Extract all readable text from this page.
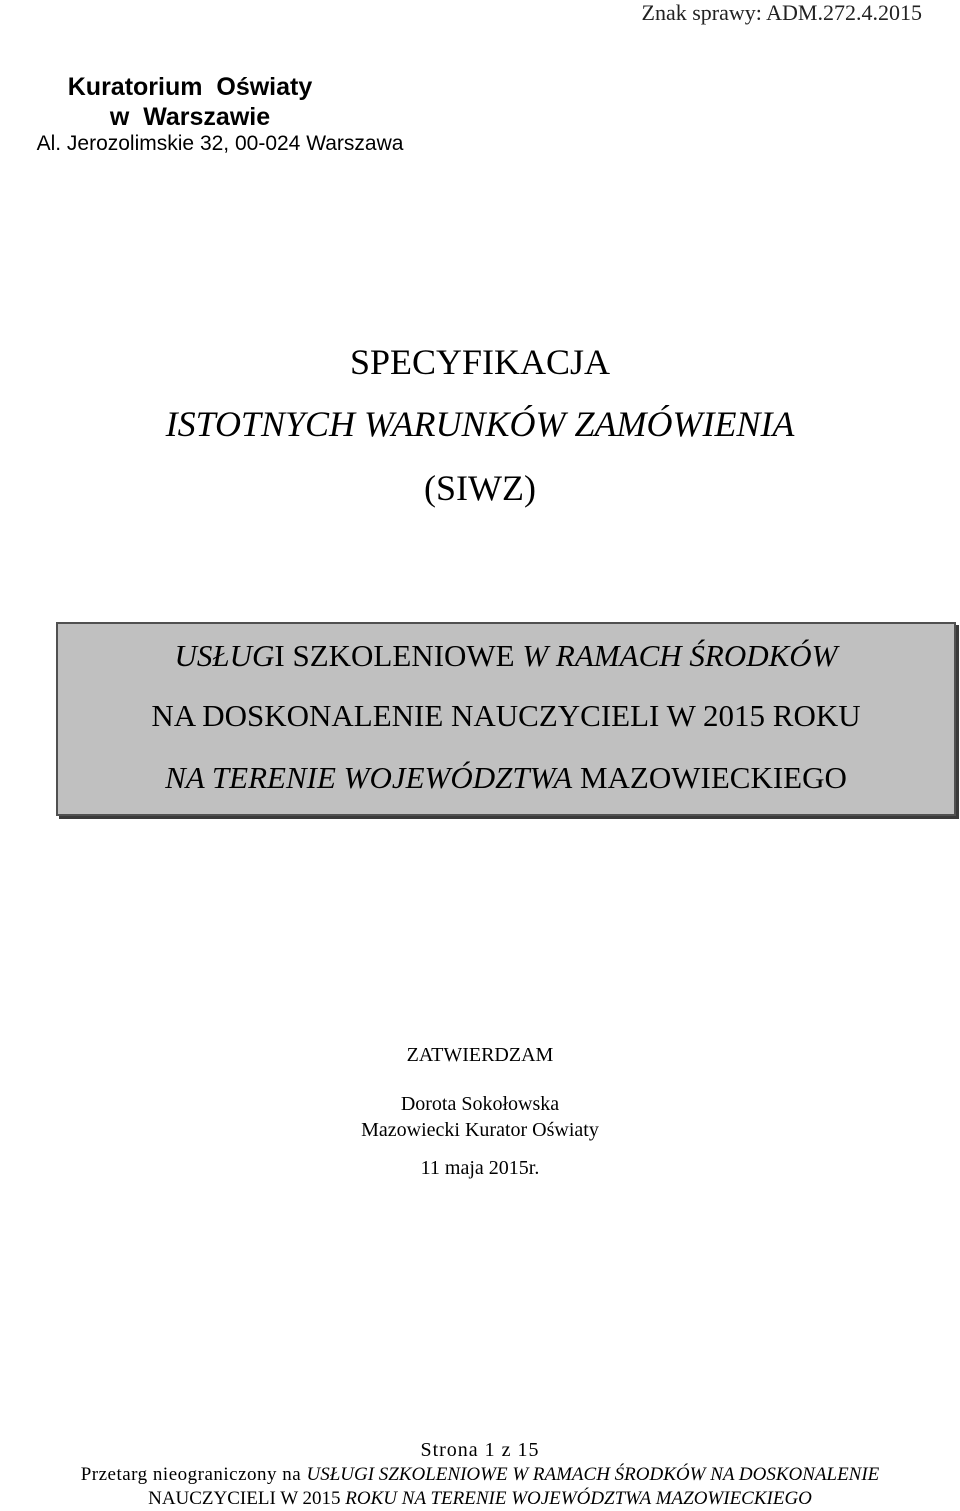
Znak sprawy: ADM.272.4.2015
Kuratorium  Oświaty
w  Warszawie
Al. Jerozolimskie 32, 00-024 Warszawa
SPECYFIKACJA
ISTOTNYCH WARUNKÓW ZAMÓWIENIA
(SIWZ)
USŁUGI SZKOLENIOWE W RAMACH ŚRODKÓW
NA DOSKONALENIE NAUCZYCIELI W 2015 ROKU
NA TERENIE WOJEWÓDZTWA MAZOWIECKIEGO
ZATWIERDZAM
Dorota Sokołowska
Mazowiecki Kurator Oświaty
11 maja 2015r.
Strona 1 z 15
Przetarg nieograniczony na USŁUGI SZKOLENIOWE W RAMACH ŚRODKÓW NA DOSKONALENIE
NAUCZYCIELI W 2015 ROKU NA TERENIE WOJEWÓDZTWA MAZOWIECKIEGO
